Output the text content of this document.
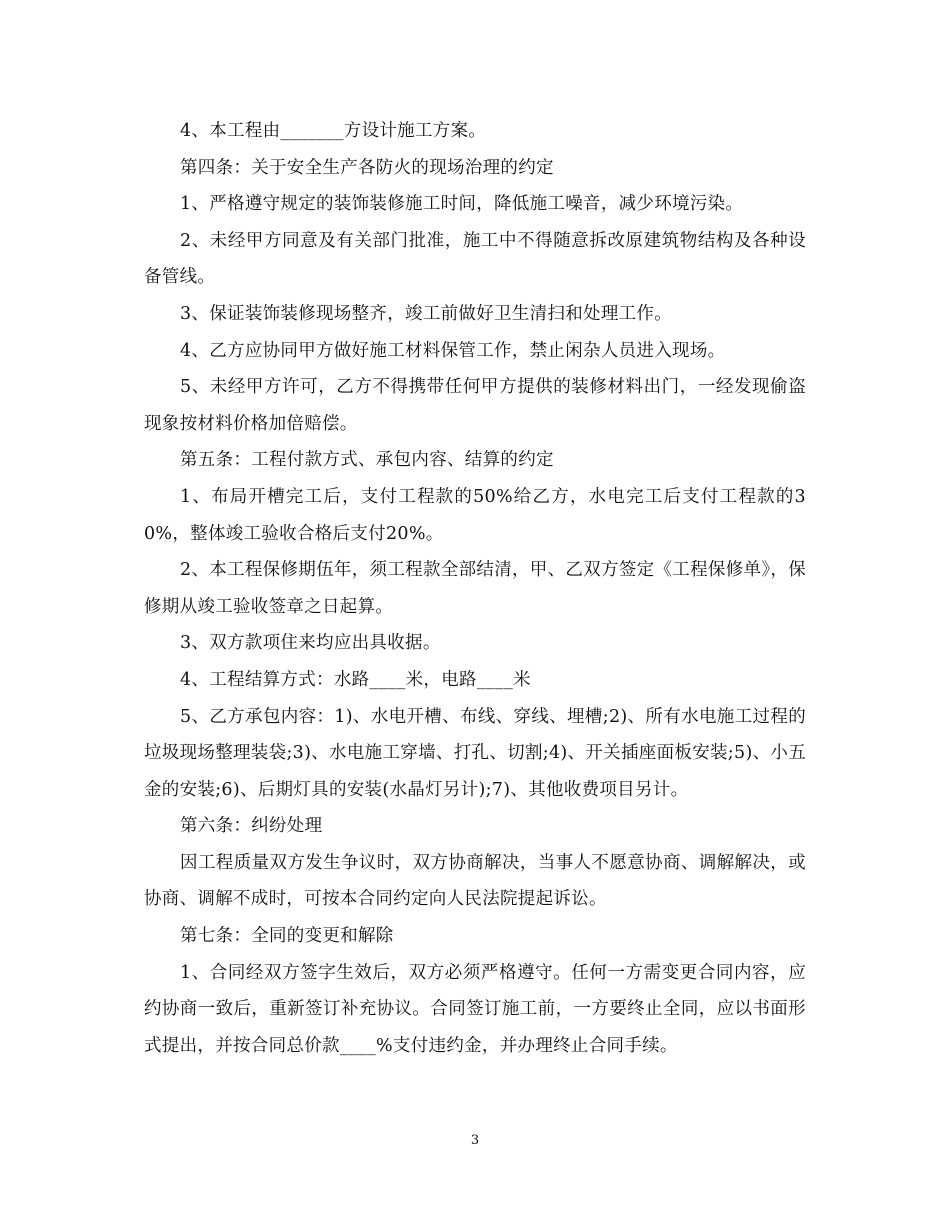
4、本工程由_______方设计施工方案。

第四条：关于安全生产各防火的现场治理的约定

1、严格遵守规定的装饰装修施工时间，降低施工噪音，减少环境污染。

2、未经甲方同意及有关部门批准，施工中不得随意拆改原建筑物结构及各种设备管线。

3、保证装饰装修现场整齐，竣工前做好卫生清扫和处理工作。

4、乙方应协同甲方做好施工材料保管工作，禁止闲杂人员进入现场。

5、未经甲方许可，乙方不得携带任何甲方提供的装修材料出门，一经发现偷盗现象按材料价格加倍赔偿。

第五条：工程付款方式、承包内容、结算的约定

1、布局开槽完工后，支付工程款的50%给乙方，水电完工后支付工程款的30%，整体竣工验收合格后支付20%。

2、本工程保修期伍年，须工程款全部结清，甲、乙双方签定《工程保修单》，保修期从竣工验收签章之日起算。

3、双方款项住来均应出具收据。

4、工程结算方式：水路____米，电路____米

5、乙方承包内容：1)、水电开槽、布线、穿线、埋槽;2)、所有水电施工过程的垃圾现场整理装袋;3)、水电施工穿墙、打孔、切割;4)、开关插座面板安装;5)、小五金的安装;6)、后期灯具的安装(水晶灯另计);7)、其他收费项目另计。

第六条：纠纷处理

因工程质量双方发生争议时，双方协商解决，当事人不愿意协商、调解解决，或协商、调解不成时，可按本合同约定向人民法院提起诉讼。

第七条：全同的变更和解除

1、合同经双方签字生效后，双方必须严格遵守。任何一方需变更合同内容，应约协商一致后，重新签订补充协议。合同签订施工前，一方要终止全同，应以书面形式提出，并按合同总价款____%支付违约金，并办理终止合同手续。

3
